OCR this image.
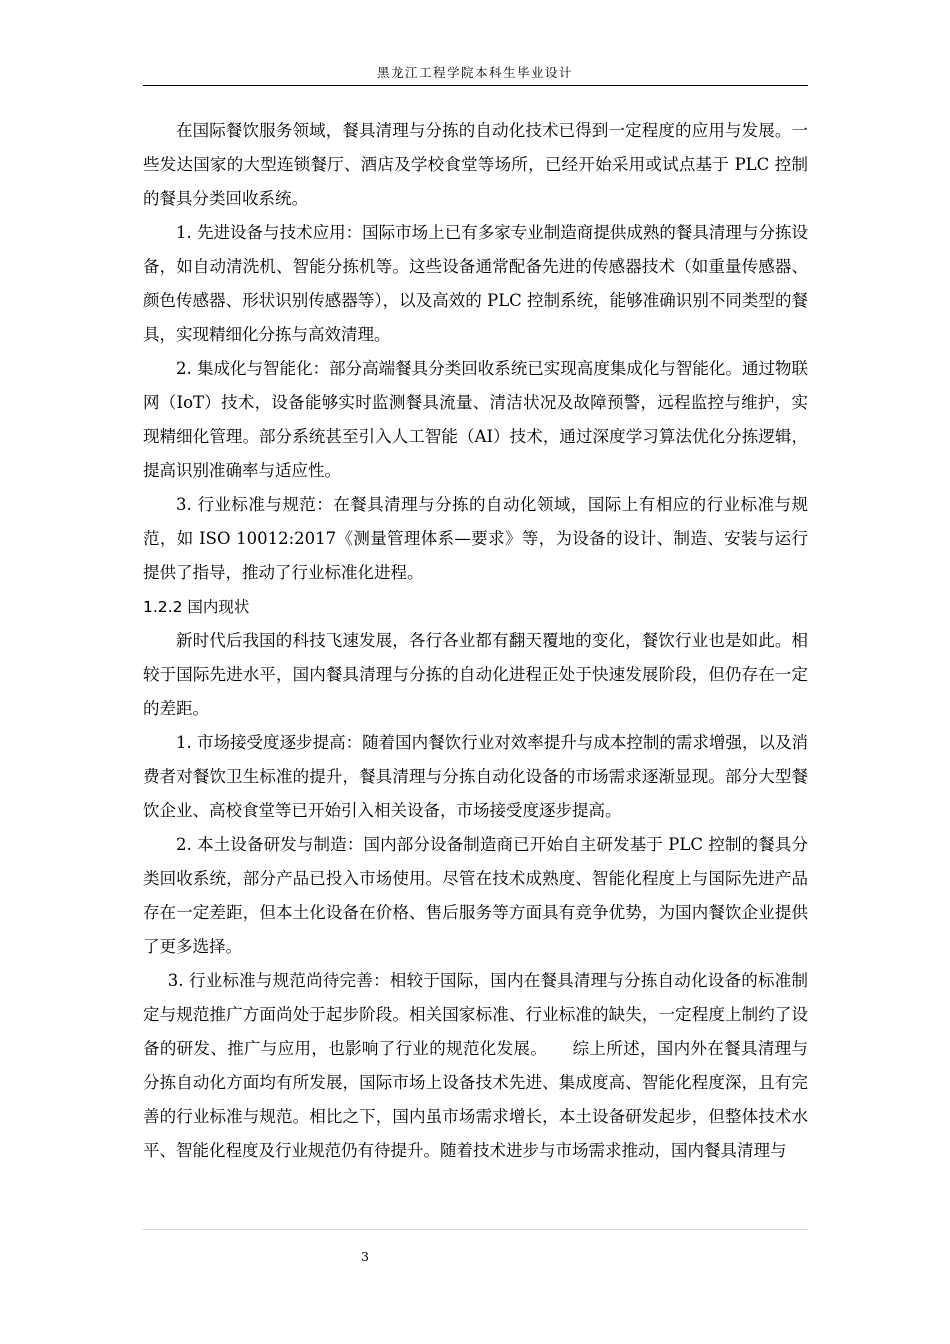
黑龙江工程学院本科生毕业设计

在国际餐饮服务领域，餐具清理与分拣的自动化技术已得到一定程度的应用与发展。一些发达国家的大型连锁餐厅、酒店及学校食堂等场所，已经开始采用或试点基于 PLC 控制的餐具分类回收系统。

1. 先进设备与技术应用：国际市场上已有多家专业制造商提供成熟的餐具清理与分拣设备，如自动清洗机、智能分拣机等。这些设备通常配备先进的传感器技术（如重量传感器、颜色传感器、形状识别传感器等），以及高效的 PLC 控制系统，能够准确识别不同类型的餐具，实现精细化分拣与高效清理。

2. 集成化与智能化：部分高端餐具分类回收系统已实现高度集成化与智能化。通过物联网（IoT）技术，设备能够实时监测餐具流量、清洁状况及故障预警，远程监控与维护，实现精细化管理。部分系统甚至引入人工智能（AI）技术，通过深度学习算法优化分拣逻辑，提高识别准确率与适应性。

3. 行业标准与规范：在餐具清理与分拣的自动化领域，国际上有相应的行业标准与规范，如 ISO 10012:2017《测量管理体系—要求》等，为设备的设计、制造、安装与运行提供了指导，推动了行业标准化进程。

1.2.2 国内现状

新时代后我国的科技飞速发展，各行各业都有翻天覆地的变化，餐饮行业也是如此。相较于国际先进水平，国内餐具清理与分拣的自动化进程正处于快速发展阶段，但仍存在一定的差距。

1. 市场接受度逐步提高：随着国内餐饮行业对效率提升与成本控制的需求增强，以及消费者对餐饮卫生标准的提升，餐具清理与分拣自动化设备的市场需求逐渐显现。部分大型餐饮企业、高校食堂等已开始引入相关设备，市场接受度逐步提高。

2. 本土设备研发与制造：国内部分设备制造商已开始自主研发基于 PLC 控制的餐具分类回收系统，部分产品已投入市场使用。尽管在技术成熟度、智能化程度上与国际先进产品存在一定差距，但本土化设备在价格、售后服务等方面具有竞争优势，为国内餐饮企业提供了更多选择。

3. 行业标准与规范尚待完善：相较于国际，国内在餐具清理与分拣自动化设备的标准制定与规范推广方面尚处于起步阶段。相关国家标准、行业标准的缺失，一定程度上制约了设备的研发、推广与应用，也影响了行业的规范化发展。　　综上所述，国内外在餐具清理与分拣自动化方面均有所发展，国际市场上设备技术先进、集成度高、智能化程度深，且有完善的行业标准与规范。相比之下，国内虽市场需求增长，本土设备研发起步，但整体技术水平、智能化程度及行业规范仍有待提升。随着技术进步与市场需求推动，国内餐具清理与

3
